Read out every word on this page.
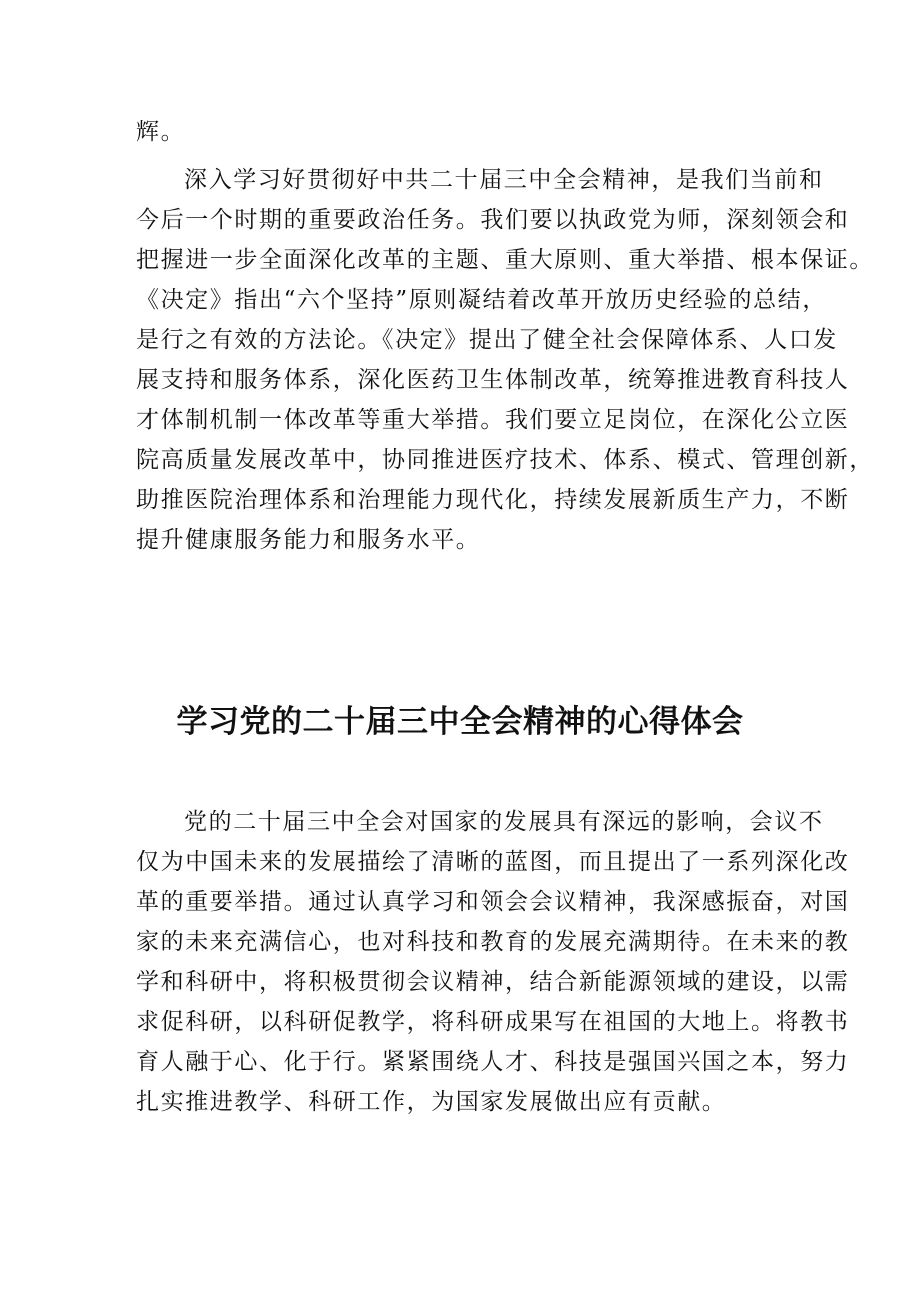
辉。

深入学习好贯彻好中共二十届三中全会精神，是我们当前和
今后一个时期的重要政治任务。我们要以执政党为师，深刻领会和
把握进一步全面深化改革的主题、重大原则、重大举措、根本保证。
《决定》指出“六个坚持”原则凝结着改革开放历史经验的总结，
是行之有效的方法论。《决定》提出了健全社会保障体系、人口发
展支持和服务体系，深化医药卫生体制改革，统筹推进教育科技人
才体制机制一体改革等重大举措。我们要立足岗位，在深化公立医
院高质量发展改革中，协同推进医疗技术、体系、模式、管理创新，
助推医院治理体系和治理能力现代化，持续发展新质生产力，不断
提升健康服务能力和服务水平。

学习党的二十届三中全会精神的心得体会

党的二十届三中全会对国家的发展具有深远的影响，会议不
仅为中国未来的发展描绘了清晰的蓝图，而且提出了一系列深化改
革的重要举措。通过认真学习和领会会议精神，我深感振奋，对国
家的未来充满信心，也对科技和教育的发展充满期待。在未来的教
学和科研中，将积极贯彻会议精神，结合新能源领域的建设，以需
求促科研，以科研促教学，将科研成果写在祖国的大地上。将教书
育人融于心、化于行。紧紧围绕人才、科技是强国兴国之本，努力
扎实推进教学、科研工作，为国家发展做出应有贡献。
